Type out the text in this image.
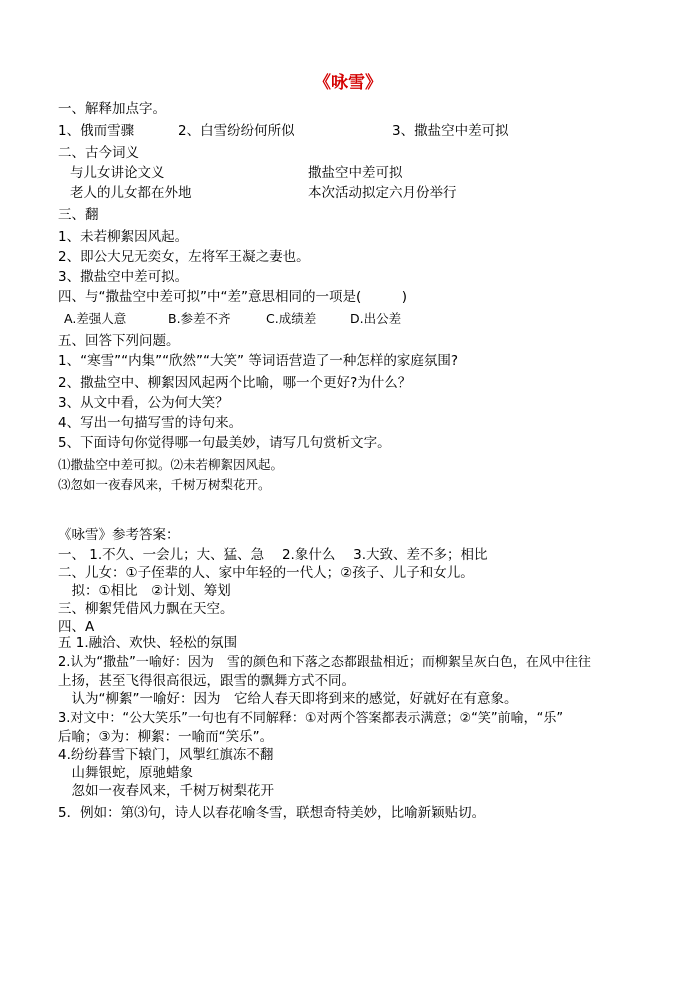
《咏雪》
一、解释加点字。
1、俄而雪骤	2、白雪纷纷何所似	3、撒盐空中差可拟
二、古今词义
与儿女讲论文义	撒盐空中差可拟
老人的儿女都在外地	本次活动拟定六月份举行
三、翻
1、未若柳絮因风起。
2、即公大兄无奕女，左将军王凝之妻也。
3、撒盐空中差可拟。
四、与“撒盐空中差可拟”中“差”意思相同的一项是(　　　)
A.差强人意	B.参差不齐	C.成绩差	D.出公差
五、回答下列问题。
1、“寒雪”“内集”“欣然”“大笑” 等词语营造了一种怎样的家庭氛围?
2、撒盐空中、柳絮因风起两个比喻，哪一个更好?为什么？
3、从文中看，公为何大笑？
4、写出一句描写雪的诗句来。
5、下面诗句你觉得哪一句最美妙，请写几句赏析文字。
⑴撒盐空中差可拟。⑵未若柳絮因风起。
⑶忽如一夜春风来，千树万树梨花开。
《咏雪》参考答案：
一、 1.不久、一会儿；大、猛、急　 2.象什么　 3.大致、差不多；相比
二、儿女：①子侄辈的人、家中年轻的一代人；②孩子、儿子和女儿。
　拟：①相比　②计划、筹划
三、柳絮凭借风力飘在天空。
四、A
五 1.融洽、欢快、轻松的氛围
2.认为“撒盐”一喻好：因为　雪的颜色和下落之态都跟盐相近；而柳絮呈灰白色，在风中往往
上扬，甚至飞得很高很远，跟雪的飘舞方式不同。
　认为“柳絮”一喻好：因为　它给人春天即将到来的感觉，好就好在有意象。
3.对文中：“公大笑乐”一句也有不同解释：①对两个答案都表示满意；②“笑”前喻，“乐”
后喻；③为：柳絮：一喻而“笑乐”。
4.纷纷暮雪下辕门，风掣红旗冻不翻
　山舞银蛇，原驰蜡象
　忽如一夜春风来，千树万树梨花开
5．例如：第⑶句，诗人以春花喻冬雪，联想奇特美妙，比喻新颖贴切。
